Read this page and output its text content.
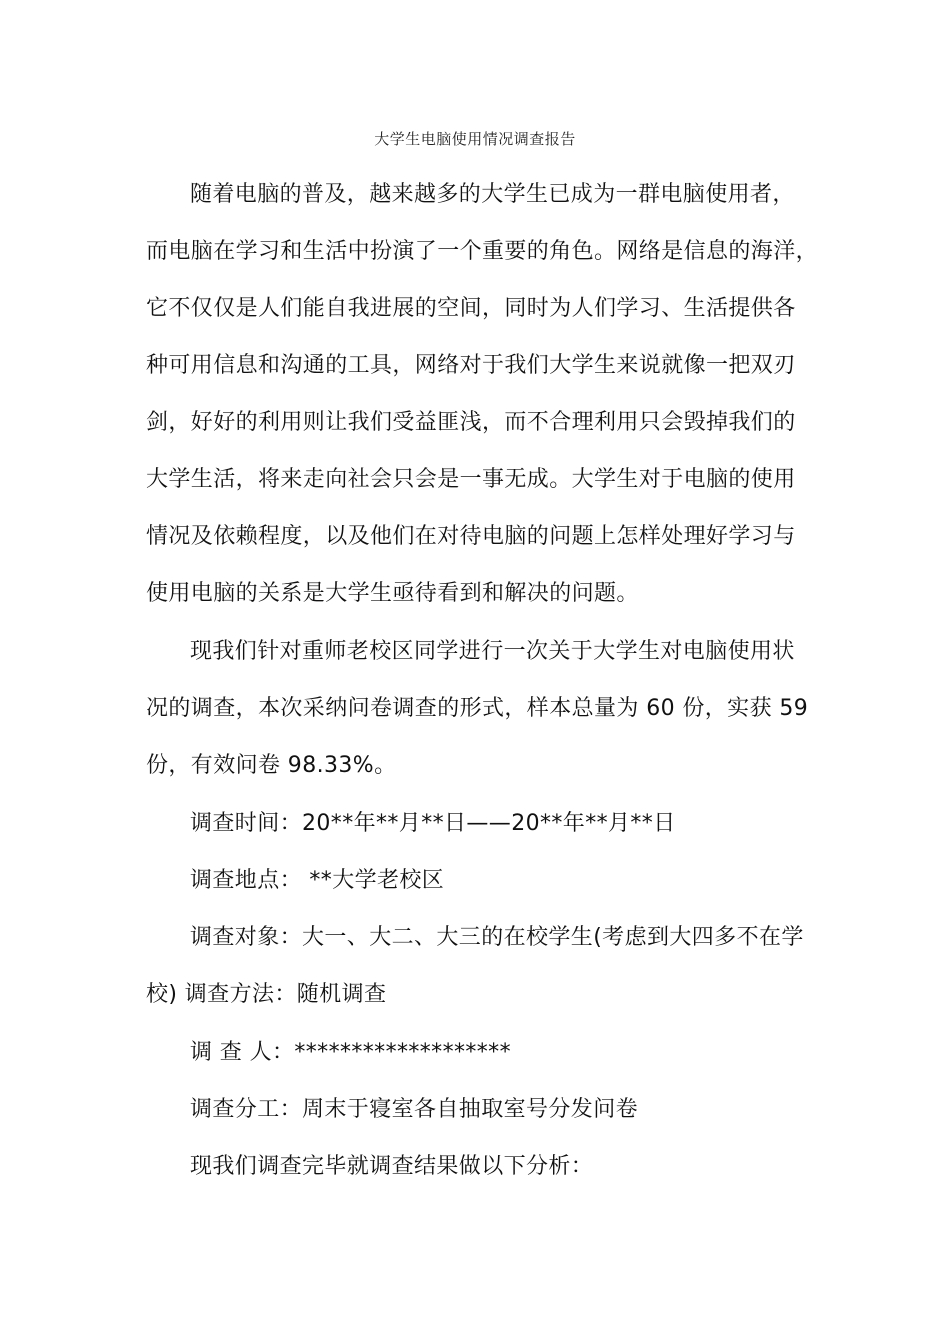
大学生电脑使用情况调查报告
随着电脑的普及，越来越多的大学生已成为一群电脑使用者，
而电脑在学习和生活中扮演了一个重要的角色。网络是信息的海洋，
它不仅仅是人们能自我进展的空间，同时为人们学习、生活提供各
种可用信息和沟通的工具，网络对于我们大学生来说就像一把双刃
剑，好好的利用则让我们受益匪浅，而不合理利用只会毁掉我们的
大学生活，将来走向社会只会是一事无成。大学生对于电脑的使用
情况及依赖程度，以及他们在对待电脑的问题上怎样处理好学习与
使用电脑的关系是大学生亟待看到和解决的问题。
现我们针对重师老校区同学进行一次关于大学生对电脑使用状
况的调查，本次采纳问卷调查的形式，样本总量为 60 份，实获 59
份，有效问卷 98.33%。
调查时间：20**年**月**日——20**年**月**日
调查地点： **大学老校区
调查对象：大一、大二、大三的在校学生(考虑到大四多不在学
校) 调查方法：随机调查
调 查 人：*******************
调查分工：周末于寝室各自抽取室号分发问卷
现我们调查完毕就调查结果做以下分析：
